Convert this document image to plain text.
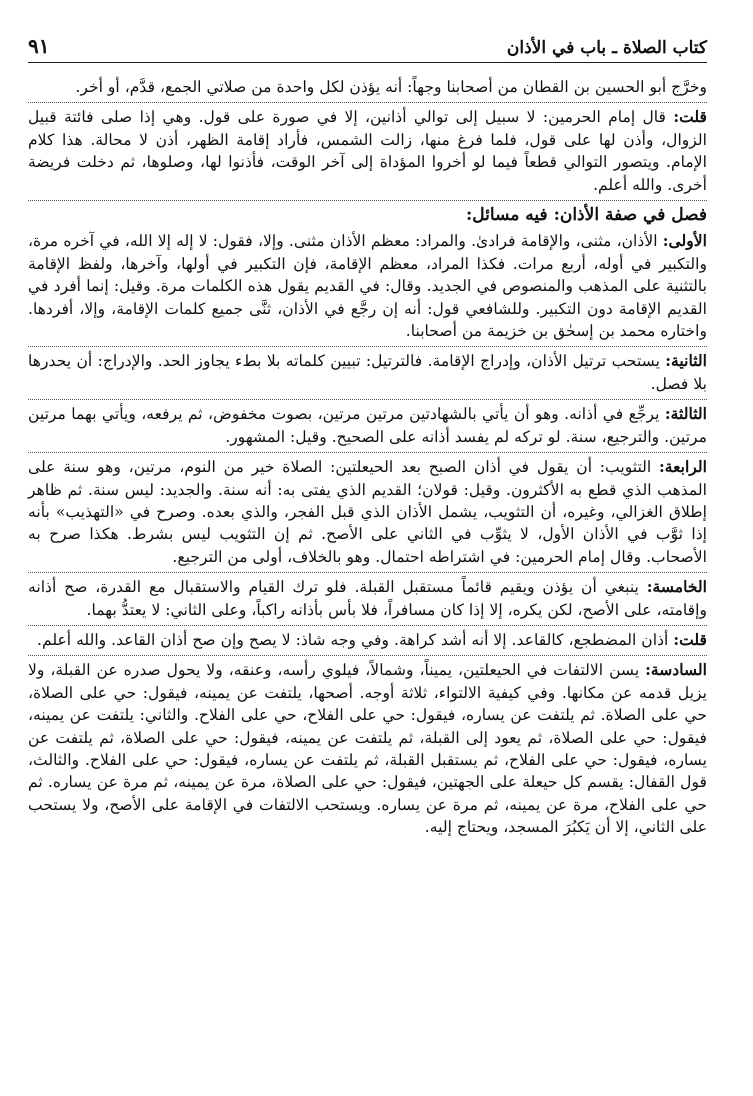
كتاب الصلاة ـ باب في الأذان
٩١

وخرَّج أبو الحسين بن القطان من أصحابنا وجهاً: أنه يؤذن لكل واحدة من صلاتي الجمع، قدَّم، أو أخر.

قلت: قال إمام الحرمين: لا سبيل إلى توالي أذانين، إلا في صورة على قول. وهي إذا صلى فائتة قبيل الزوال، وأذن لها على قول، فلما فرغ منها، زالت الشمس، فأراد إقامة الظهر، أذن لا محالة. هذا كلام الإمام. ويتصور التوالي قطعاً فيما لو أخروا المؤداة إلى آخر الوقت، فأذنوا لها، وصلوها، ثم دخلت فريضة أخرى. والله أعلم.

فصل في صفة الأذان: فيه مسائل:

الأولى: الأذان، مثنى، والإقامة فرادىٰ. والمراد: معظم الأذان مثنى. وإلا، فقول: لا إله إلا الله، في آخره مرة، والتكبير في أوله، أربع مرات. فكذا المراد، معظم الإقامة، فإن التكبير في أولها، وآخرها، ولفظ الإقامة بالتثنية على المذهب والمنصوص في الجديد. وقال: في القديم يقول هذه الكلمات مرة. وقيل: إنما أفرد في القديم الإقامة دون التكبير. وللشافعي قول: أنه إن رجَّع في الأذان، ثنَّى جميع كلمات الإقامة، وإلا، أفردها. واختاره محمد بن إسحٰق بن خزيمة من أصحابنا.

الثانية: يستحب ترتيل الأذان، وإدراج الإقامة. فالترتيل: تبيين كلماته بلا بطء يجاوز الحد. والإدراج: أن يحدرها بلا فصل.

الثالثة: يرجِّع في أذانه. وهو أن يأتي بالشهادتين مرتين مرتين، بصوت مخفوض، ثم يرفعه، ويأتي بهما مرتين مرتين. والترجيع، سنة. لو تركه لم يفسد أذانه على الصحيح. وقيل: المشهور.

الرابعة: التثويب: أن يقول في أذان الصبح بعد الحيعلتين: الصلاة خير من النوم، مرتين، وهو سنة على المذهب الذي قطع به الأكثرون. وقيل: قولان؛ القديم الذي يفتى به: أنه سنة. والجديد: ليس سنة. ثم ظاهر إطلاق الغزالي، وغيره، أن التثويب، يشمل الأذان الذي قبل الفجر، والذي بعده. وصرح في «التهذيب» بأنه إذا ثوَّب في الأذان الأول، لا يثوِّب في الثاني على الأصح. ثم إن التثويب ليس بشرط. هكذا صرح به الأصحاب. وقال إمام الحرمين: في اشتراطه احتمال. وهو بالخلاف، أولى من الترجيع.

الخامسة: ينبغي أن يؤذن ويقيم قائماً مستقبل القبلة. فلو ترك القيام والاستقبال مع القدرة، صح أذانه وإقامته، على الأصح، لكن يكره، إلا إذا كان مسافراً، فلا بأس بأذانه راكباً، وعلى الثاني: لا يعتدُّ بهما.

قلت: أذان المضطجع، كالقاعد. إلا أنه أشد كراهة. وفي وجه شاذ: لا يصح وإن صح أذان القاعد. والله أعلم.

السادسة: يسن الالتفات في الحيعلتين، يميناً، وشمالاً، فيلوي رأسه، وعنقه، ولا يحول صدره عن القبلة، ولا يزيل قدمه عن مكانها. وفي كيفية الالتواء، ثلاثة أوجه. أصحها، يلتفت عن يمينه، فيقول: حي على الصلاة، حي على الصلاة. ثم يلتفت عن يساره، فيقول: حي على الفلاح، حي على الفلاح. والثاني: يلتفت عن يمينه، فيقول: حي على الصلاة، ثم يعود إلى القبلة، ثم يلتفت عن يمينه، فيقول: حي على الصلاة، ثم يلتفت عن يساره، فيقول: حي على الفلاح، ثم يستقبل القبلة، ثم يلتفت عن يساره، فيقول: حي على الفلاح. والثالث، قول القفال: يقسم كل حيعلة على الجهتين، فيقول: حي على الصلاة، مرة عن يمينه، ثم مرة عن يساره. ثم حي على الفلاح، مرة عن يمينه، ثم مرة عن يساره. ويستحب الالتفات في الإقامة على الأصح، ولا يستحب على الثاني، إلا أن يَكبُرَ المسجد، ويحتاج إليه.
